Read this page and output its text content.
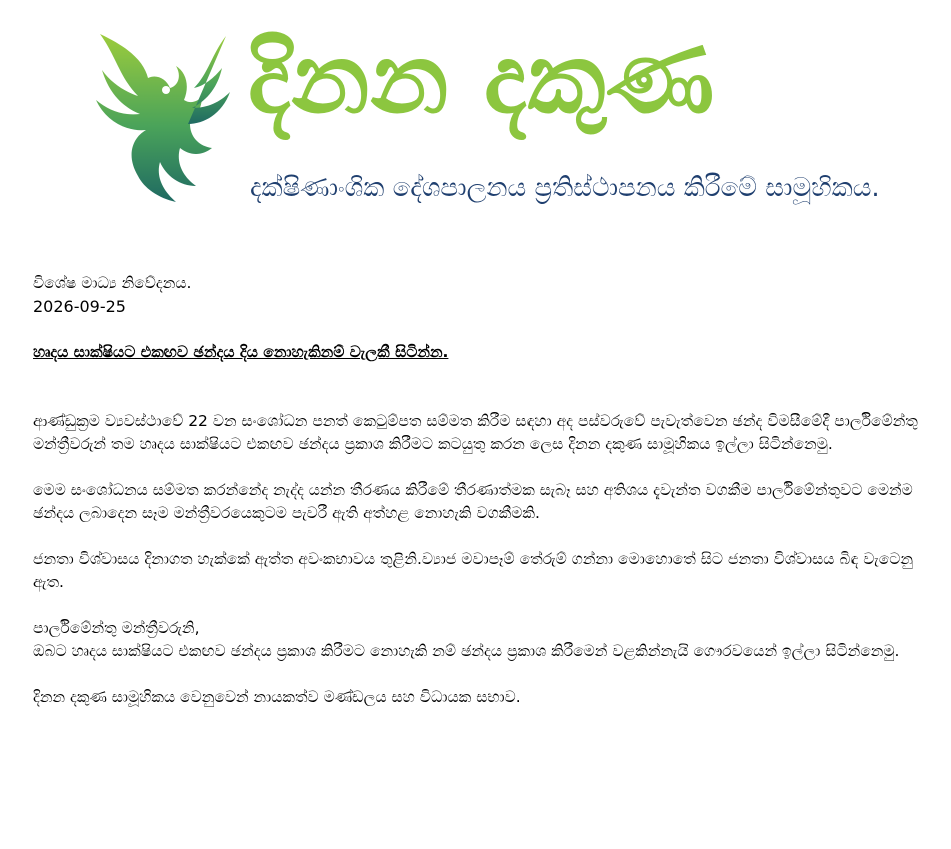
දිනන දකුණ
දක්ෂිණාංශික දේශපාලනය ප්‍රතිස්ථාපනය කිරීමේ සාමූහිකය.

විශේෂ මාධ්‍ය නිවේදනය.

2026-09-25

හෘදය සාක්ෂියට එකඟව ඡන්දය දිය නොහැකිනම් වැලකී සිටින්න.

ආණ්ඩුක්‍රම ව්‍යවස්ථාවේ 22 වන සංශෝධන පනත් කෙටුම්පත සම්මත කිරීම සඳහා අද පස්වරුවේ පැවැත්වෙන ඡන්ද විමසීමේදී පාර්ලිමේන්තු මන්ත්‍රීවරුන් තම හෘදය සාක්ෂියට එකඟව ඡන්දය ප්‍රකාශ කිරීමට කටයුතු කරන ලෙස දිනන දකුණ සාමූහිකය ඉල්ලා සිටින්නෙමු.

මෙම සංශෝධනය සම්මත කරන්නේද නැද්ද යන්න තීරණය කිරීමේ තීරණාත්මක සැබෑ සහ අතිශය දැවැන්ත වගකීම පාර්ලිමේන්තුවට මෙන්ම ඡන්දය ලබාදෙන සෑම මන්ත්‍රීවරයෙකුටම පැවරී ඇති අත්හළ නොහැකි වගකීමකි.

ජනතා විශ්වාසය දිනාගත හැක්කේ ඇත්ත අවංකභාවය තුළිනි.ව්‍යාජ මවාපෑම් තේරුම් ගන්නා මොහොතේ සිට ජනතා විශ්වාසය බිඳ වැටෙනු ඇත.

පාර්ලිමේන්තු මන්ත්‍රීවරුනි,

ඔබට හෘදය සාක්ෂියට එකඟව ඡන්දය ප්‍රකාශ කිරීමට නොහැකි නම් ඡන්දය ප්‍රකාශ කිරීමෙන් වළකින්නැයි ගෞරවයෙන් ඉල්ලා සිටින්නෙමු.

දිනන දකුණ සාමූහිකය වෙනුවෙන් නායකත්ව මණ්ඩලය සහ විධායක සභාව.
